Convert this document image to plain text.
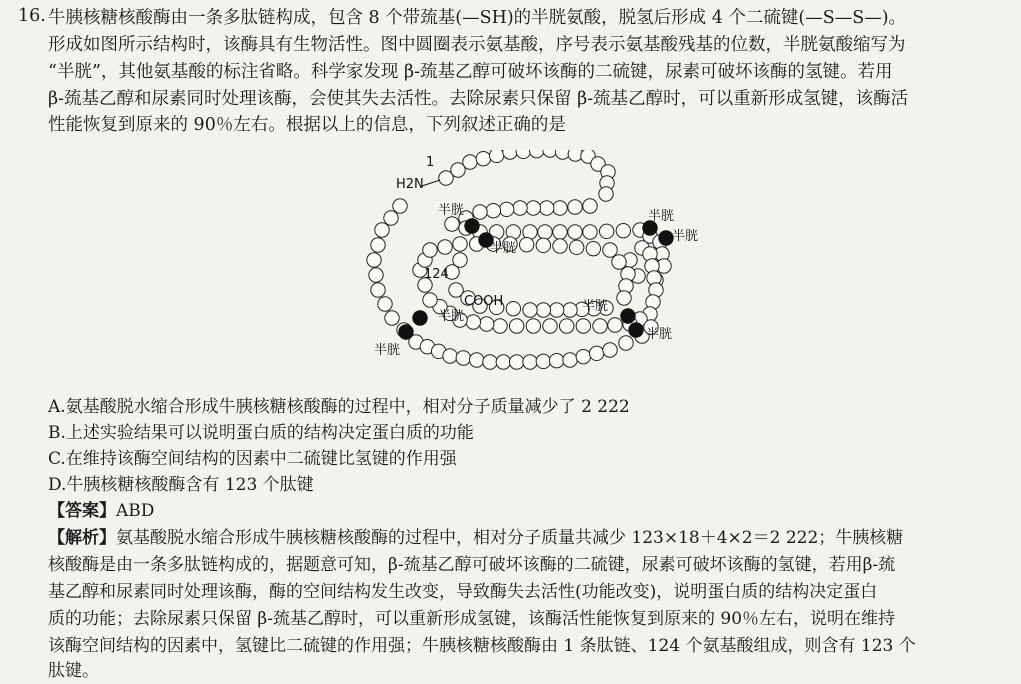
16. 牛胰核糖核酸酶由一条多肽链构成，包含 8 个带巯基(—SH)的半胱氨酸，脱氢后形成 4 个二硫键(—S—S—)。
形成如图所示结构时，该酶具有生物活性。图中圆圈表示氨基酸，序号表示氨基酸残基的位数，半胱氨酸缩写为
“半胱”，其他氨基酸的标注省略。科学家发现 β-巯基乙醇可破坏该酶的二硫键，尿素可破坏该酶的氢键。若用
β-巯基乙醇和尿素同时处理该酶，会使其失去活性。去除尿素只保留 β-巯基乙醇时，可以重新形成氢键，该酶活
性能恢复到原来的 90％左右。根据以上的信息，下列叙述正确的是
1
H2N
124
COOH
半胱
半胱
半胱
半胱
半胱
半胱
半胱
半胱
A.氨基酸脱水缩合形成牛胰核糖核酸酶的过程中，相对分子质量减少了 2 222
B.上述实验结果可以说明蛋白质的结构决定蛋白质的功能
C.在维持该酶空间结构的因素中二硫键比氢键的作用强
D.牛胰核糖核酸酶含有 123 个肽键
【答案】ABD
【解析】氨基酸脱水缩合形成牛胰核糖核酸酶的过程中，相对分子质量共减少 123×18＋4×2＝2 222；牛胰核糖
核酸酶是由一条多肽链构成的，据题意可知，β-巯基乙醇可破坏该酶的二硫键，尿素可破坏该酶的氢键，若用β-巯
基乙醇和尿素同时处理该酶，酶的空间结构发生改变，导致酶失去活性(功能改变)，说明蛋白质的结构决定蛋白
质的功能；去除尿素只保留 β-巯基乙醇时，可以重新形成氢键，该酶活性能恢复到原来的 90％左右，说明在维持
该酶空间结构的因素中，氢键比二硫键的作用强；牛胰核糖核酸酶由 1 条肽链、124 个氨基酸组成，则含有 123 个
肽键。
